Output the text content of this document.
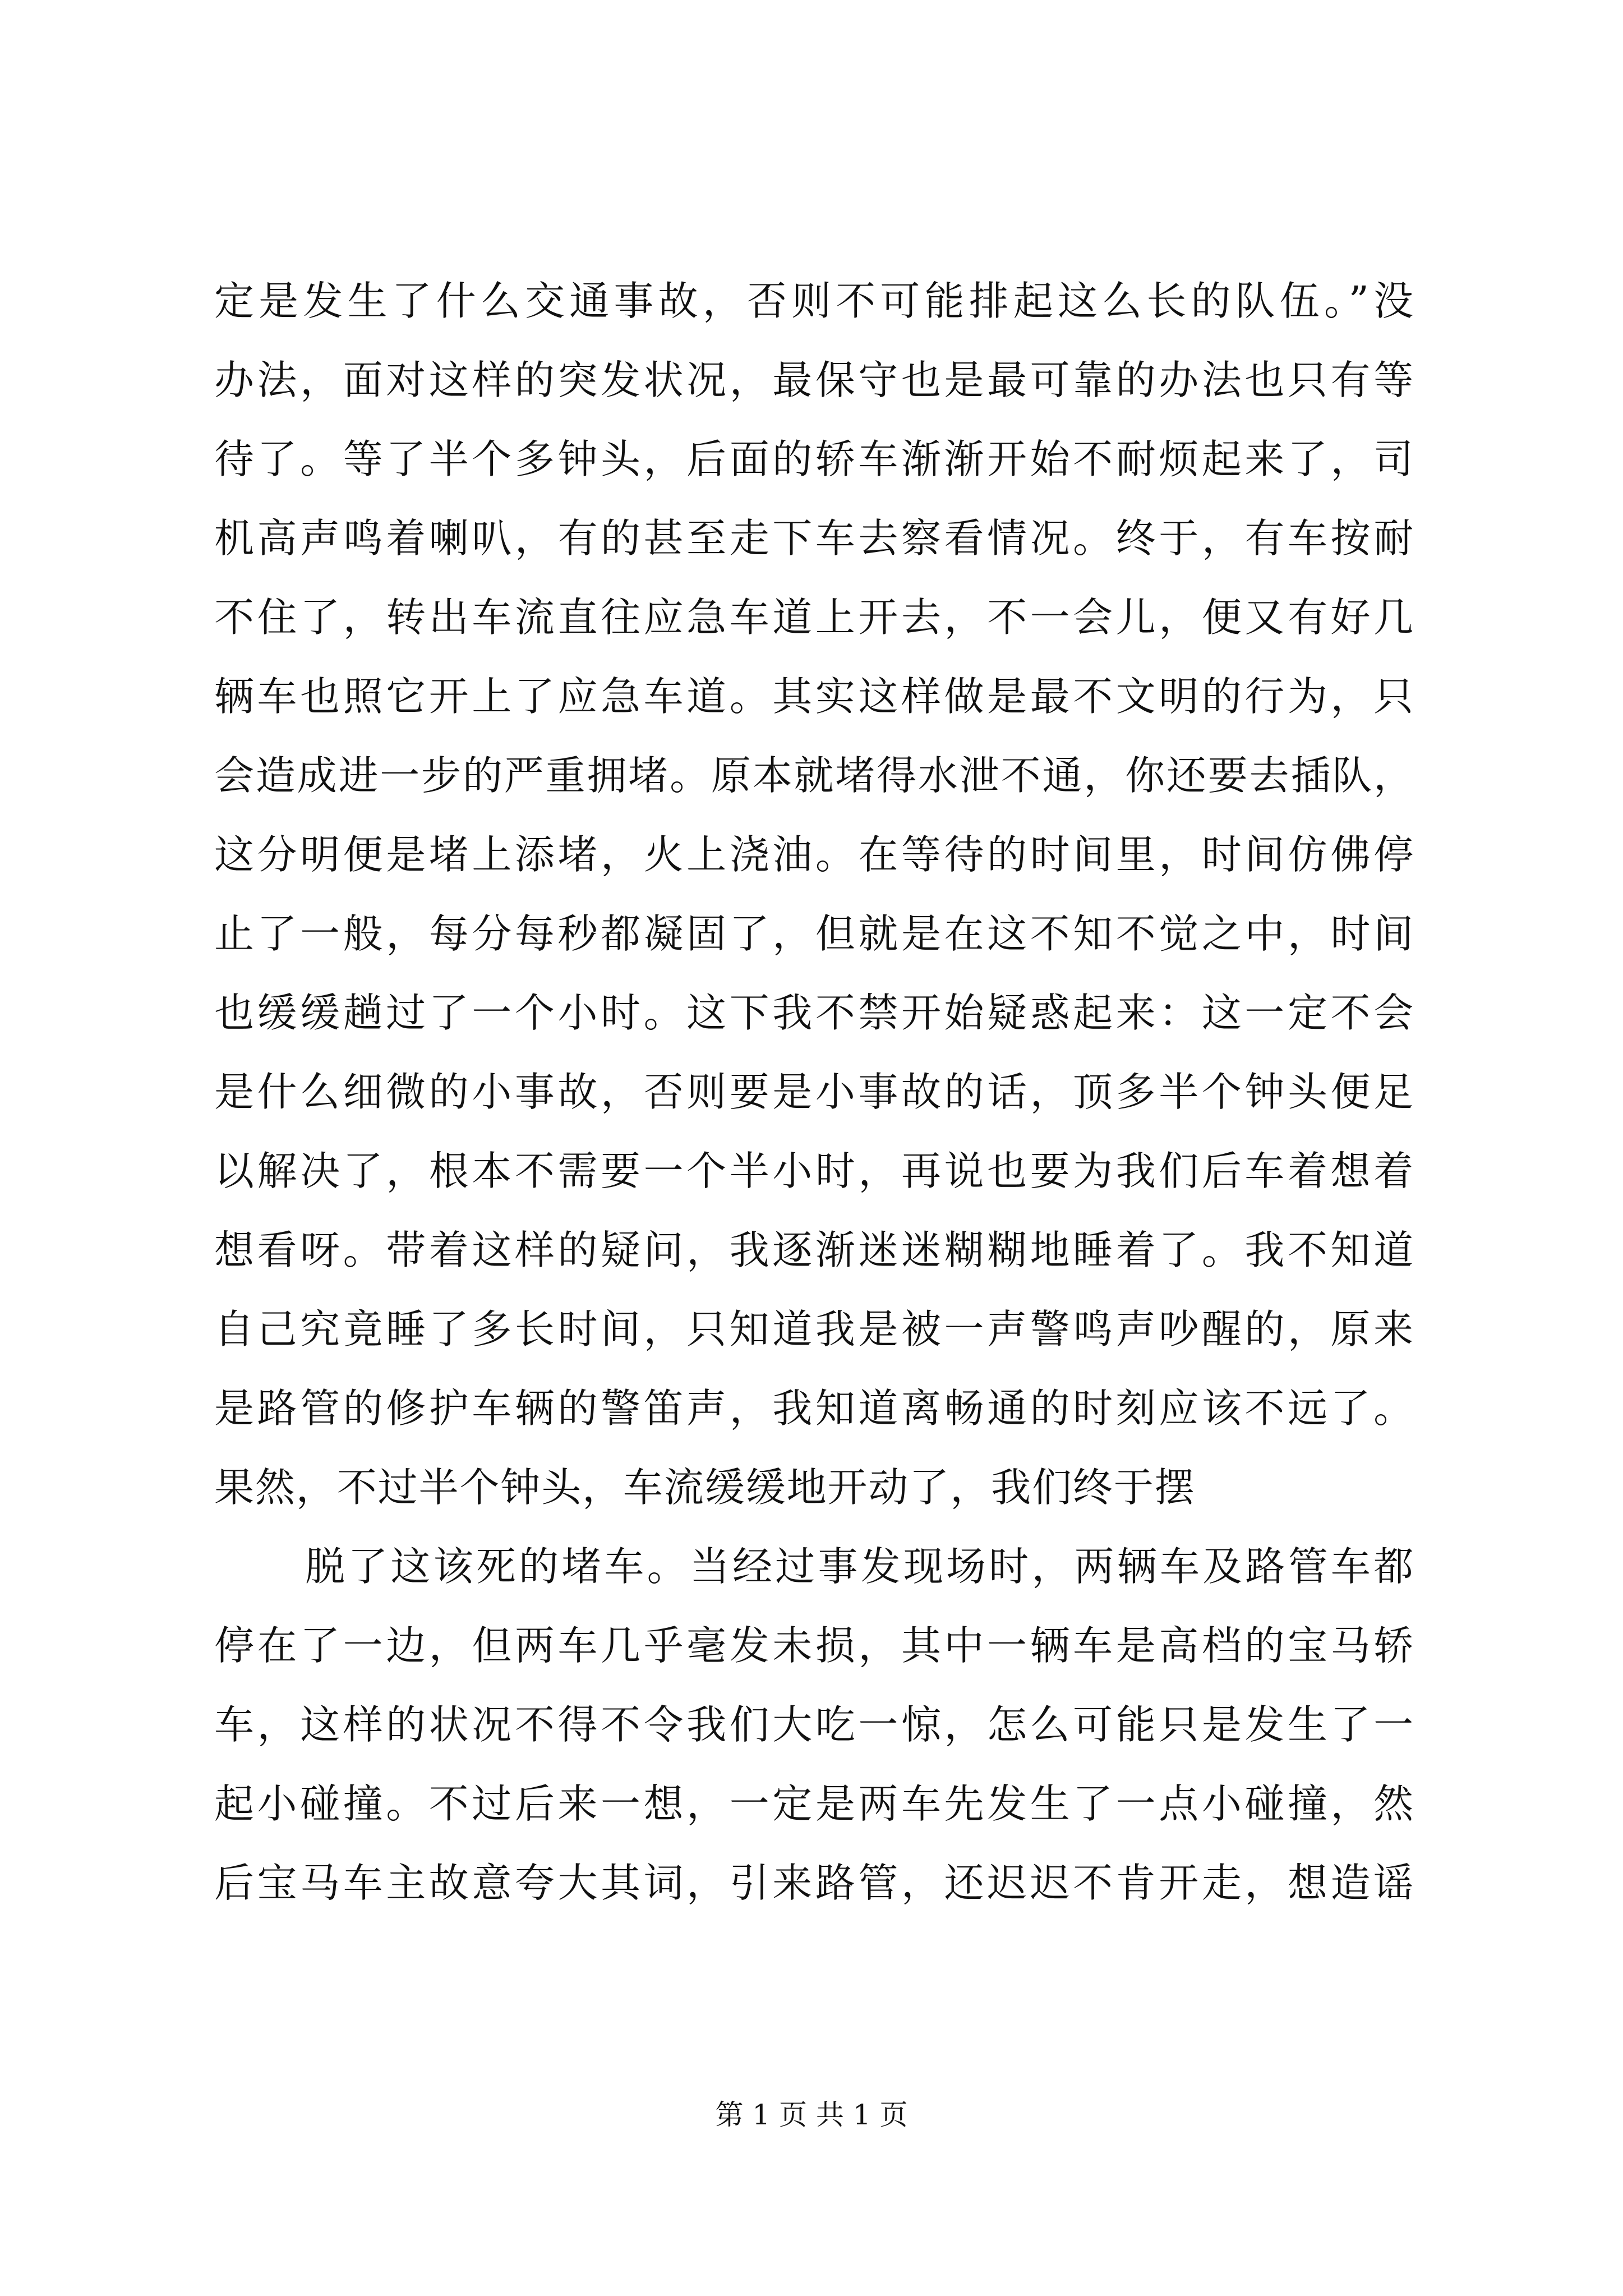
定是发生了什么交通事故，否则不可能排起这么长的队伍。”没
办法，面对这样的突发状况，最保守也是最可靠的办法也只有等
待了。等了半个多钟头，后面的轿车渐渐开始不耐烦起来了，司
机高声鸣着喇叭，有的甚至走下车去察看情况。终于，有车按耐
不住了，转出车流直往应急车道上开去，不一会儿，便又有好几
辆车也照它开上了应急车道。其实这样做是最不文明的行为，只
会造成进一步的严重拥堵。原本就堵得水泄不通，你还要去插队，
这分明便是堵上添堵，火上浇油。在等待的时间里，时间仿佛停
止了一般，每分每秒都凝固了，但就是在这不知不觉之中，时间
也缓缓趟过了一个小时。这下我不禁开始疑惑起来：这一定不会
是什么细微的小事故，否则要是小事故的话，顶多半个钟头便足
以解决了，根本不需要一个半小时，再说也要为我们后车着想着
想看呀。带着这样的疑问，我逐渐迷迷糊糊地睡着了。我不知道
自己究竟睡了多长时间，只知道我是被一声警鸣声吵醒的，原来
是路管的修护车辆的警笛声，我知道离畅通的时刻应该不远了。
果然，不过半个钟头，车流缓缓地开动了，我们终于摆
脱了这该死的堵车。当经过事发现场时，两辆车及路管车都
停在了一边，但两车几乎毫发未损，其中一辆车是高档的宝马轿
车，这样的状况不得不令我们大吃一惊，怎么可能只是发生了一
起小碰撞。不过后来一想，一定是两车先发生了一点小碰撞，然
后宝马车主故意夸大其词，引来路管，还迟迟不肯开走，想造谣
第 1 页 共 1 页
